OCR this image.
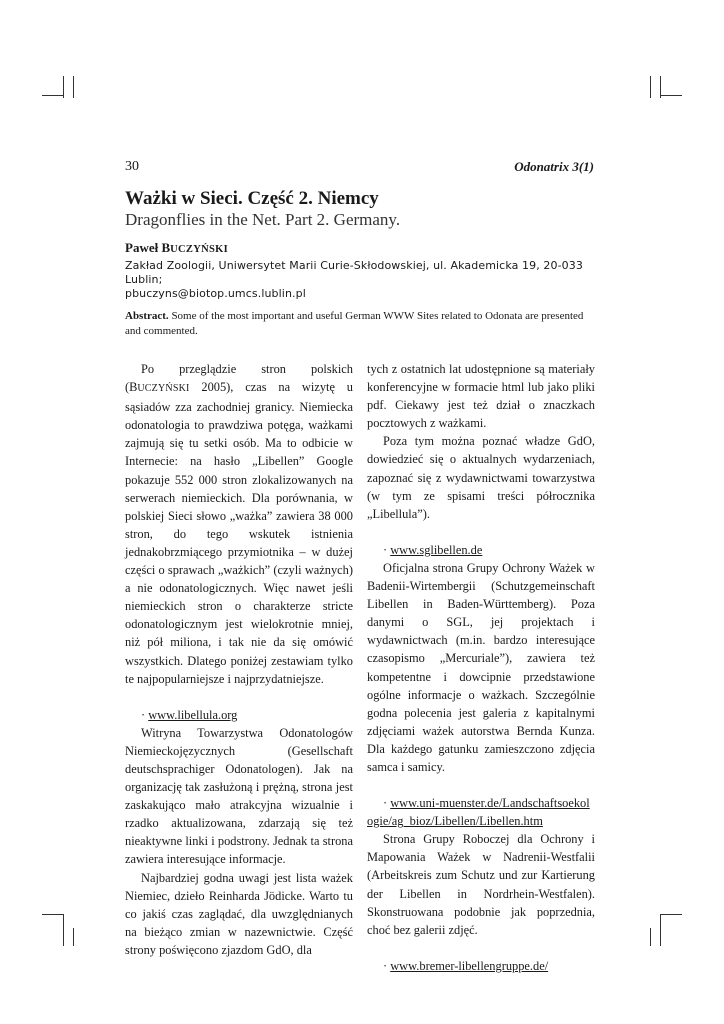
30	Odonatrix 3(1)
Ważki w Sieci. Część 2. Niemcy
Dragonflies in the Net. Part 2. Germany.
Paweł BUCZYŃSKI
Zakład Zoologii, Uniwersytet Marii Curie-Skłodowskiej, ul. Akademicka 19, 20-033 Lublin;
pbuczyns@biotop.umcs.lublin.pl
Abstract. Some of the most important and useful German WWW Sites related to Odonata are presented and commented.

Po przeglądzie stron polskich (BUCZYŃSKI 2005), czas na wizytę u sąsiadów zza zachodniej granicy. Niemiecka odonatologia to prawdziwa potęga, ważkami zajmują się tu setki osób. Ma to odbicie w Internecie: na hasło „Libellen” Google pokazuje 552 000 stron zlokalizowanych na serwerach niemieckich. Dla porównania, w polskiej Sieci słowo „ważka” zawiera 38 000 stron, do tego wskutek istnienia jednakobrzmiącego przymiotnika – w dużej części o sprawach „ważkich” (czyli ważnych) a nie odonatologicznych. Więc nawet jeśli niemieckich stron o charakterze stricte odonatologicznym jest wielokrotnie mniej, niż pół miliona, i tak nie da się omówić wszystkich. Dlatego poniżej zestawiam tylko te najpopularniejsze i najprzydatniejsze.

· www.libellula.org

Witryna Towarzystwa Odonatologów Niemieckojęzycznych (Gesellschaft deutschsprachiger Odonatologen). Jak na organizację tak zasłużoną i prężną, strona jest zaskakująco mało atrakcyjna wizualnie i rzadko aktualizowana, zdarzają się też nieaktywne linki i podstrony. Jednak ta strona zawiera interesujące informacje.

Najbardziej godna uwagi jest lista ważek Niemiec, dzieło Reinharda Jödicke. Warto tu co jakiś czas zaglądać, dla uwzględnianych na bieżąco zmian w nazewnictwie. Część strony poświęcono zjazdom GdO, dla

tych z ostatnich lat udostępnione są materiały konferencyjne w formacie html lub jako pliki pdf. Ciekawy jest też dział o znaczkach pocztowych z ważkami.

Poza tym można poznać władze GdO, dowiedzieć się o aktualnych wydarzeniach, zapoznać się z wydawnictwami towarzystwa (w tym ze spisami treści półrocznika „Libellula”).

· www.sglibellen.de

Oficjalna strona Grupy Ochrony Ważek w Badenii-Wirtembergii (Schutzgemeinschaft Libellen in Baden-Württemberg). Poza danymi o SGL, jej projektach i wydawnictwach (m.in. bardzo interesujące czasopismo „Mercuriale”), zawiera też kompetentne i dowcipnie przedstawione ogólne informacje o ważkach. Szczególnie godna polecenia jest galeria z kapitalnymi zdjęciami ważek autorstwa Bernda Kunza. Dla każdego gatunku zamieszczono zdjęcia samca i samicy.

· www.uni-muenster.de/Landschaftsoekologie/ag_bioz/Libellen/Libellen.htm

Strona Grupy Roboczej dla Ochrony i Mapowania Ważek w Nadrenii-Westfalii (Arbeitskreis zum Schutz und zur Kartierung der Libellen in Nordrhein-Westfalen). Skonstruowana podobnie jak poprzednia, choć bez galerii zdjęć.

· www.bremer-libellengruppe.de/
